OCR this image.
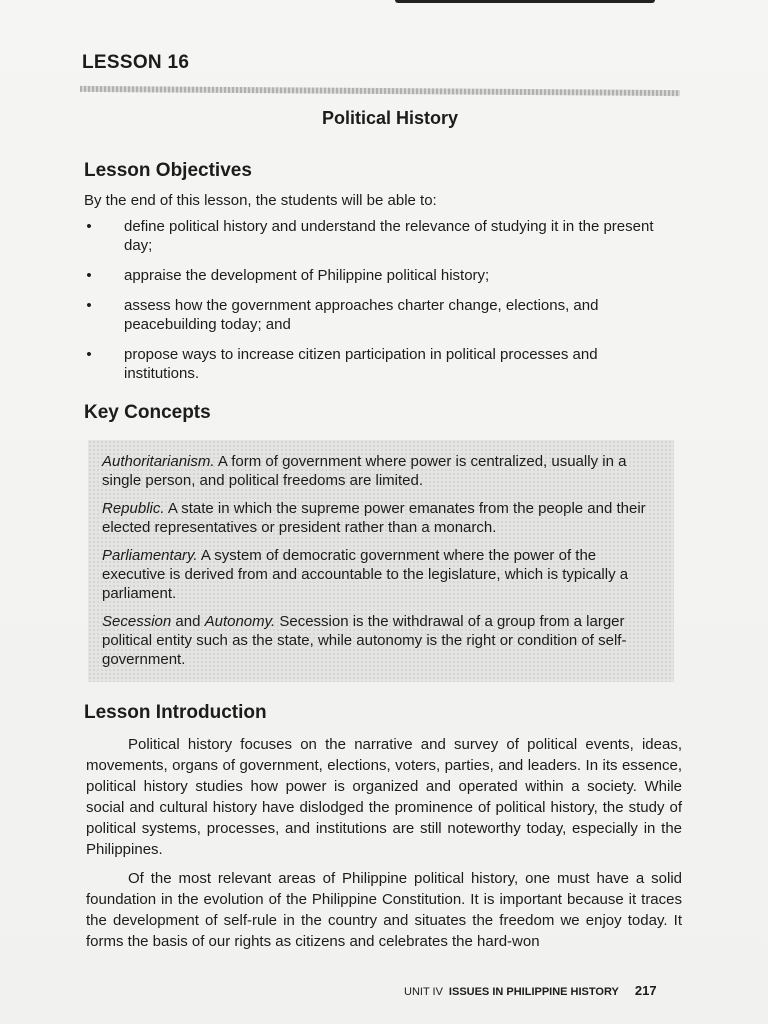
LESSON 16
Political History
Lesson Objectives
By the end of this lesson, the students will be able to:
• define political history and understand the relevance of studying it in the present day;
• appraise the development of Philippine political history;
• assess how the government approaches charter change, elections, and peacebuilding today; and
• propose ways to increase citizen participation in political processes and institutions.
Key Concepts
Authoritarianism. A form of government where power is centralized, usually in a single person, and political freedoms are limited.
Republic. A state in which the supreme power emanates from the people and their elected representatives or president rather than a monarch.
Parliamentary. A system of democratic government where the power of the executive is derived from and accountable to the legislature, which is typically a parliament.
Secession and Autonomy. Secession is the withdrawal of a group from a larger political entity such as the state, while autonomy is the right or condition of self-government.
Lesson Introduction

Political history focuses on the narrative and survey of political events, ideas, movements, organs of government, elections, voters, parties, and leaders. In its essence, political history studies how power is organized and operated within a society. While social and cultural history have dislodged the prominence of political history, the study of political systems, processes, and institutions are still noteworthy today, especially in the Philippines.

Of the most relevant areas of Philippine political history, one must have a solid foundation in the evolution of the Philippine Constitution. It is important because it traces the development of self-rule in the country and situates the freedom we enjoy today. It forms the basis of our rights as citizens and celebrates the hard-won

UNIT IV ISSUES IN PHILIPPINE HISTORY 217
